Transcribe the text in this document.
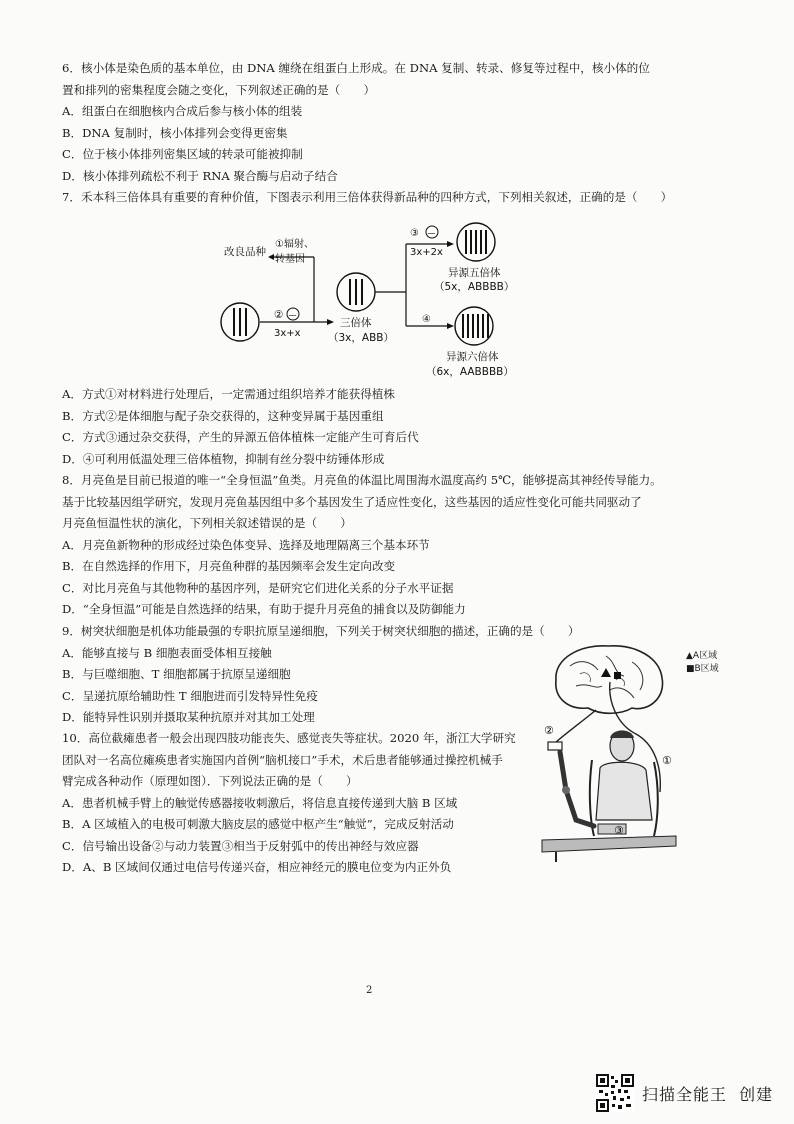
6．核小体是染色质的基本单位，由 DNA 缠绕在组蛋白上形成。在 DNA 复制、转录、修复等过程中，核小体的位

置和排列的密集程度会随之变化，下列叙述正确的是（　　）

A．组蛋白在细胞核内合成后参与核小体的组装

B．DNA 复制时，核小体排列会变得更密集

C．位于核小体排列密集区域的转录可能被抑制

D．核小体排列疏松不利于 RNA 聚合酶与启动子结合

7．禾本科三倍体具有重要的育种价值，下图表示利用三倍体获得新品种的四种方式，下列相关叙述，正确的是（　　）

改良品种
①辐射、
转基因
② —
3x+x
三倍体
（3x，ABB）
③ —
3x+2x
异源五倍体
（5x，ABBBB）
④
异源六倍体
（6x，AABBBB）

A．方式①对材料进行处理后，一定需通过组织培养才能获得植株

B．方式②是体细胞与配子杂交获得的，这种变异属于基因重组

C．方式③通过杂交获得，产生的异源五倍体植株一定能产生可育后代

D．④可利用低温处理三倍体植物，抑制有丝分裂中纺锤体形成

8．月亮鱼是目前已报道的唯一“全身恒温”鱼类。月亮鱼的体温比周围海水温度高约 5℃，能够提高其神经传导能力。

基于比较基因组学研究，发现月亮鱼基因组中多个基因发生了适应性变化，这些基因的适应性变化可能共同驱动了

月亮鱼恒温性状的演化，下列相关叙述错误的是（　　）

A．月亮鱼新物种的形成经过染色体变异、选择及地理隔离三个基本环节

B．在自然选择的作用下，月亮鱼种群的基因频率会发生定向改变

C．对比月亮鱼与其他物种的基因序列，是研究它们进化关系的分子水平证据

D．“全身恒温”可能是自然选择的结果，有助于提升月亮鱼的捕食以及防御能力

9．树突状细胞是机体功能最强的专职抗原呈递细胞，下列关于树突状细胞的描述，正确的是（　　）

A．能够直接与 B 细胞表面受体相互接触

B．与巨噬细胞、T 细胞都属于抗原呈递细胞

C．呈递抗原给辅助性 T 细胞进而引发特异性免疫

D．能特异性识别并摄取某种抗原并对其加工处理

10．高位截瘫患者一般会出现四肢功能丧失、感觉丧失等症状。2020 年，浙江大学研究

团队对一名高位瘫痪患者实施国内首例“脑机接口”手术，术后患者能够通过操控机械手

臂完成各种动作（原理如图）．下列说法正确的是（　　）

A．患者机械手臂上的触觉传感器接收刺激后，将信息直接传递到大脑 B 区域

B．A 区域植入的电极可刺激大脑皮层的感觉中枢产生“触觉”，完成反射活动

C．信号输出设备②与动力装置③相当于反射弧中的传出神经与效应器

D．A、B 区域间仅通过电信号传递兴奋，相应神经元的膜电位变为内正外负

①
②
③
▲A区域
■B区域
2
扫描全能王 创建
